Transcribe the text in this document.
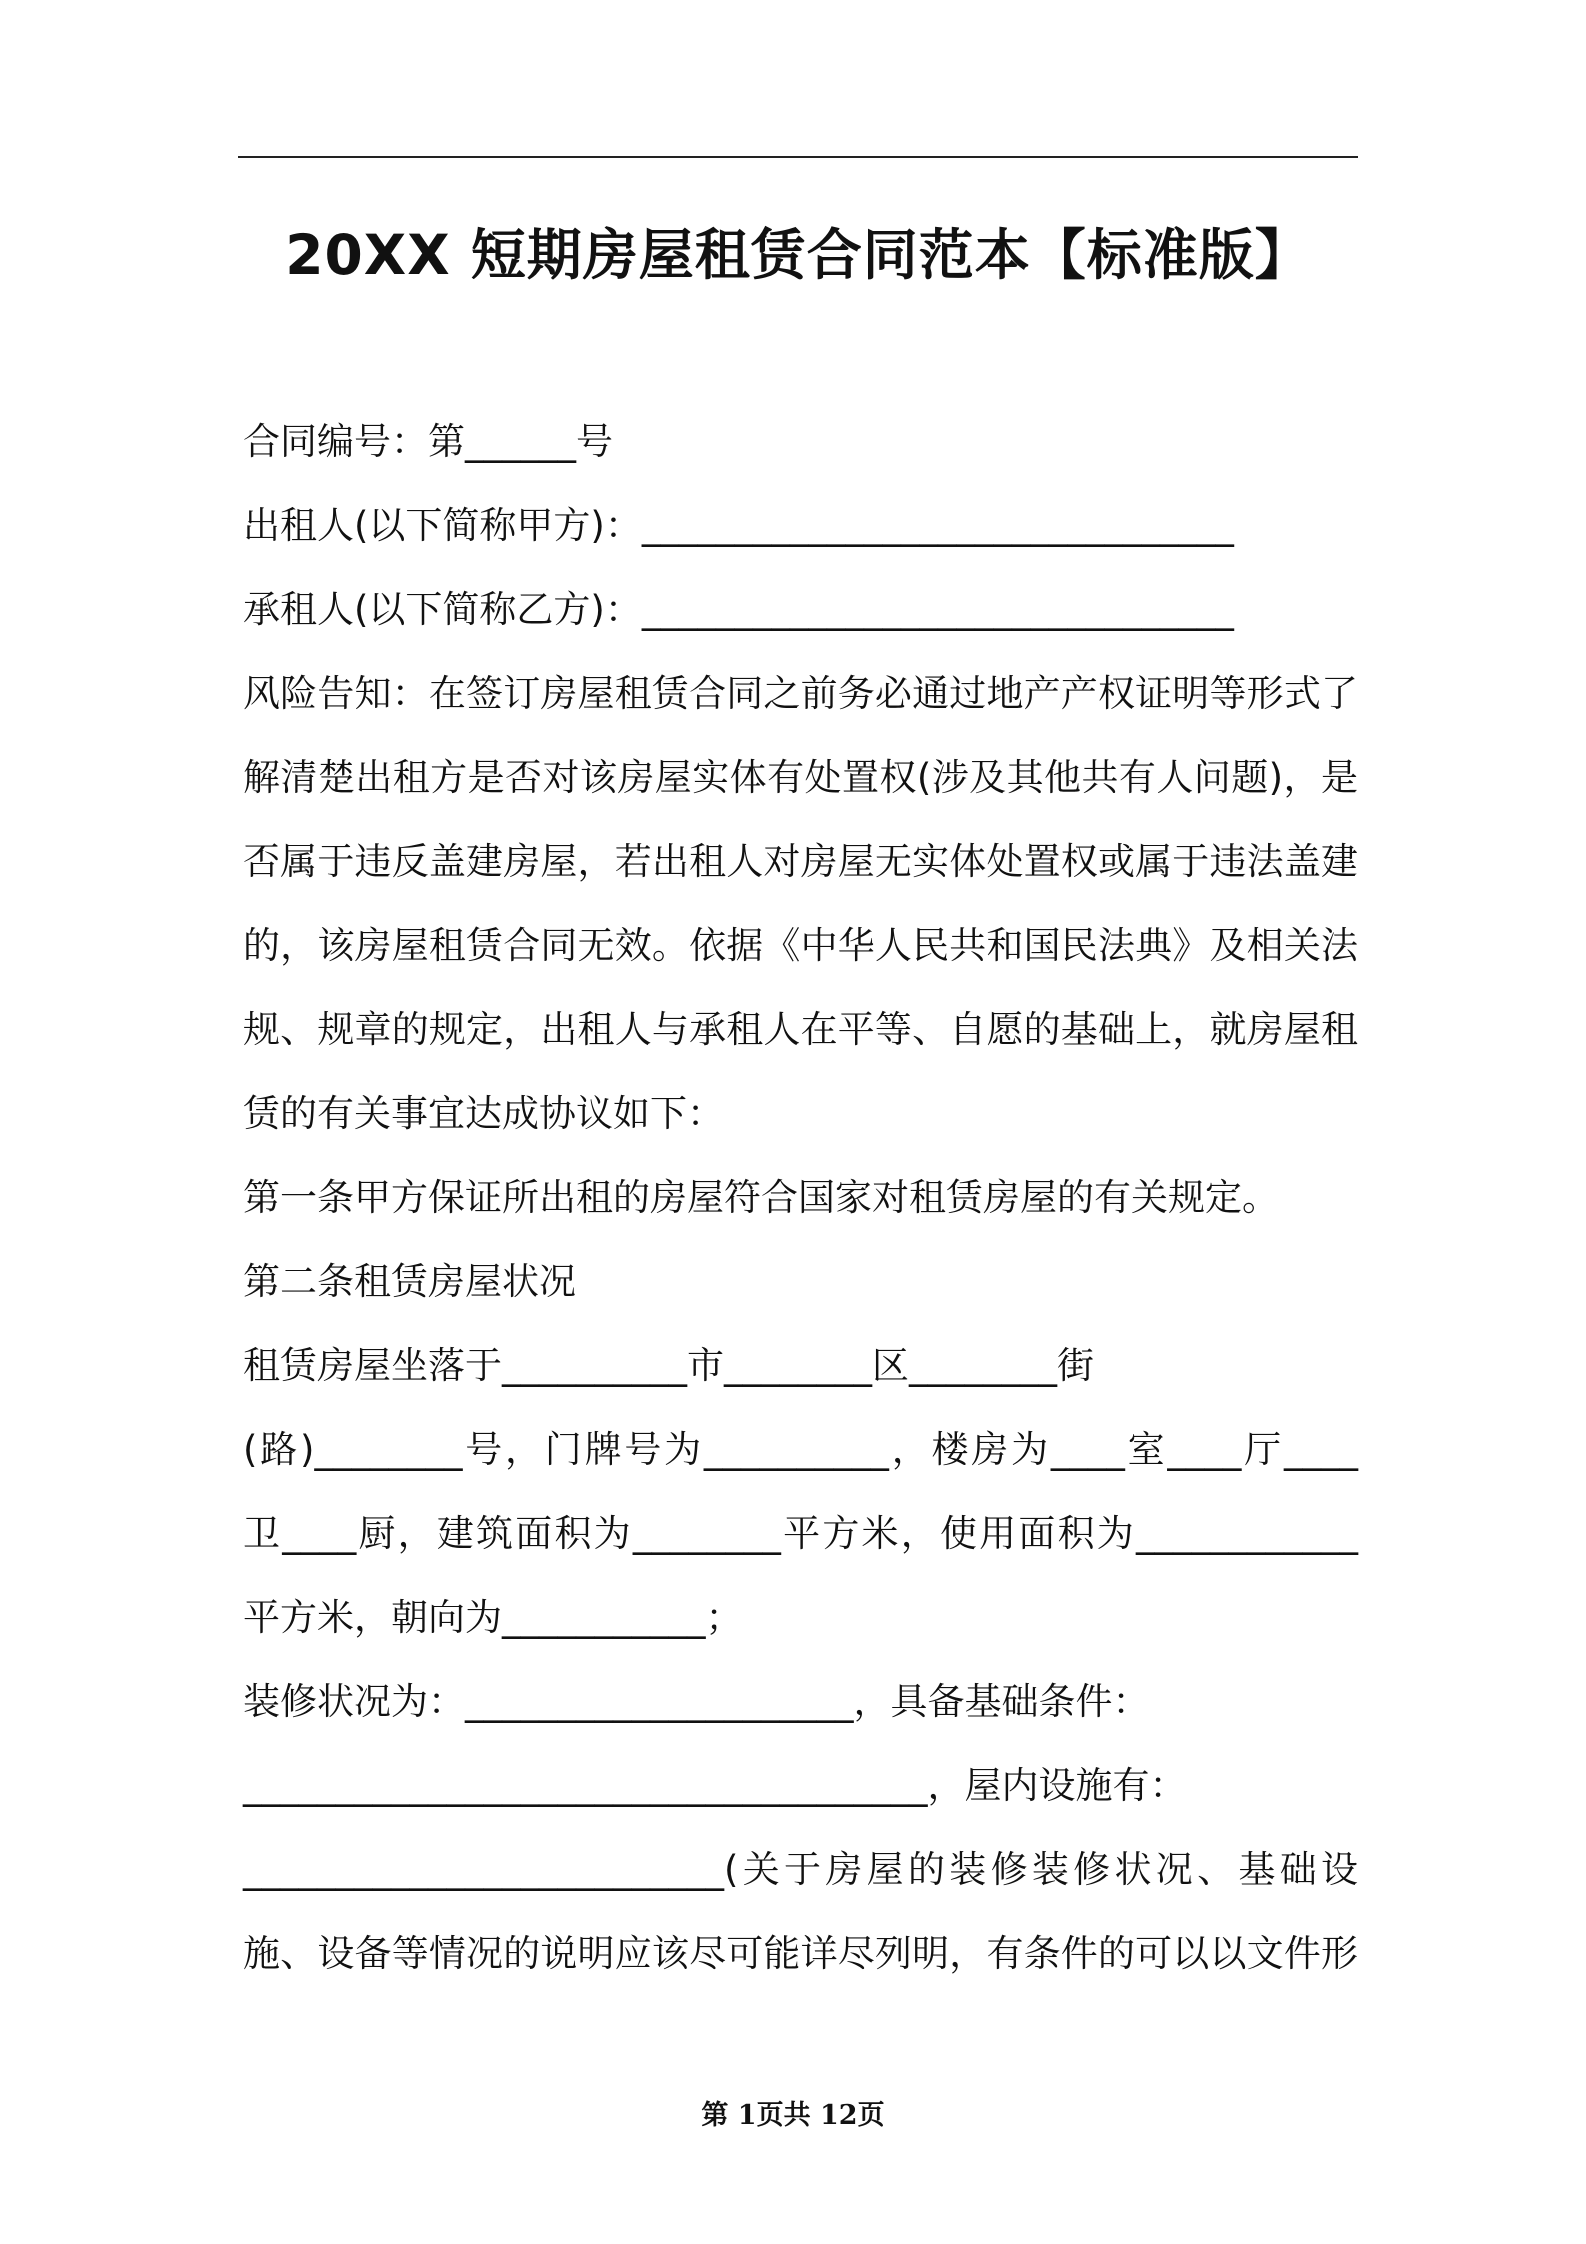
20XX 短期房屋租赁合同范本【标准版】
合同编号：第______号
出租人(以下简称甲方)：________________________________
承租人(以下简称乙方)：________________________________
风险告知：在签订房屋租赁合同之前务必通过地产产权证明等形式了
解清楚出租方是否对该房屋实体有处置权(涉及其他共有人问题)，是
否属于违反盖建房屋，若出租人对房屋无实体处置权或属于违法盖建
的，该房屋租赁合同无效。依据《中华人民共和国民法典》及相关法
规、规章的规定，出租人与承租人在平等、自愿的基础上，就房屋租
赁的有关事宜达成协议如下：
第一条甲方保证所出租的房屋符合国家对租赁房屋的有关规定。
第二条租赁房屋状况
租赁房屋坐落于__________市________区________街
(路)________号，门牌号为__________，楼房为____室____厅____
卫____厨，建筑面积为________平方米，使用面积为____________
平方米，朝向为___________；
装修状况为：_____________________，具备基础条件：
_____________________________________，屋内设施有：
__________________________(关于房屋的装修装修状况、基础设
施、设备等情况的说明应该尽可能详尽列明，有条件的可以以文件形
第 1页共 12页
